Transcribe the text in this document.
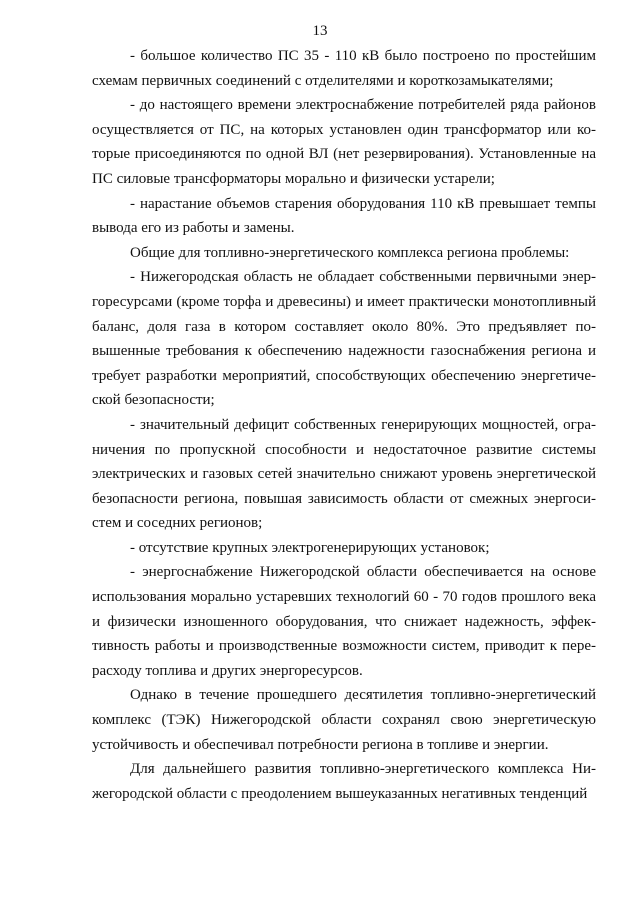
13

- большое количество ПС 35 - 110 кВ было построено по простейшим схемам первичных соединений с отделителями и короткозамыкателями;

- до настоящего времени электроснабжение потребителей ряда районов осуществляется от ПС, на которых установлен один трансформатор или которые присоединяются по одной ВЛ (нет резервирования). Установленные на ПС силовые трансформаторы морально и физически устарели;

- нарастание объемов старения оборудования 110 кВ превышает темпы вывода его из работы и замены.

Общие для топливно-энергетического комплекса региона проблемы:

- Нижегородская область не обладает собственными первичными энергоресурсами (кроме торфа и древесины) и имеет практически монотопливный баланс, доля газа в котором составляет около 80%. Это предъявляет повышенные требования к обеспечению надежности газоснабжения региона и требует разработки мероприятий, способствующих обеспечению энергетической безопасности;

- значительный дефицит собственных генерирующих мощностей, ограничения по пропускной способности и недостаточное развитие системы электрических и газовых сетей значительно снижают уровень энергетической безопасности региона, повышая зависимость области от смежных энергосистем и соседних регионов;

- отсутствие крупных электрогенерирующих установок;

- энергоснабжение Нижегородской области обеспечивается на основе использования морально устаревших технологий 60 - 70 годов прошлого века и физически изношенного оборудования, что снижает надежность, эффективность работы и производственные возможности систем, приводит к перерасходу топлива и других энергоресурсов.

Однако в течение прошедшего десятилетия топливно-энергетический комплекс (ТЭК) Нижегородской области сохранял свою энергетическую устойчивость и обеспечивал потребности региона в топливе и энергии.

Для дальнейшего развития топливно-энергетического комплекса Нижегородской области с преодолением вышеуказанных негативных тенденций
